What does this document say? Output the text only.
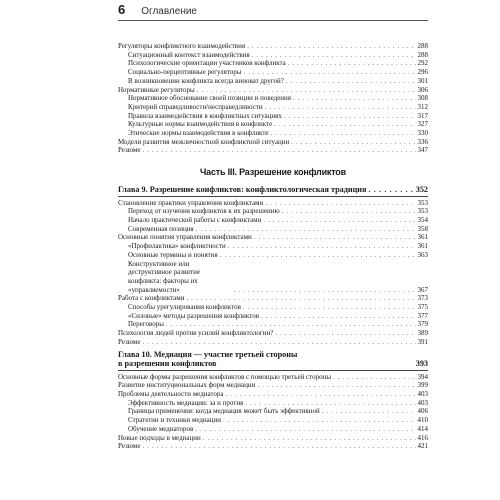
6 Оглавление
Регуляторы конфликтного взаимодействия . . .	288
Ситуационный контекст взаимодействия . . .	288
Психологические ориентации участников конфликта . . .	292
Социально-перцептивные регуляторы . . .	296
В возникновении конфликта всегда виноват другой? . . .	301
Нормативные регуляторы . . .	306
Нормативное обоснование своей позиции и поведения . . .	308
Критерий справедливости/несправедливости . . .	312
Правила взаимодействия в конфликтных ситуациях . . .	317
Культурные нормы взаимодействия в конфликте . . .	327
Этические нормы взаимодействия в конфликте . . .	330
Модели развития межличностной конфликтной ситуации . . .	336
Резюме . . .	347
Часть III. Разрешение конфликтов
Глава 9. Разрешение конфликтов: конфликтологическая традиция . . .	352
Становление практики управления конфликтами . . .	353
Переход от изучения конфликтов к их разрешению . . .	353
Начало практической работы с конфликтами . . .	354
Современная позиция . . .	358
Основные понятия управления конфликтами . . .	361
«Профилактика» конфликтности . . .	361
Основные термины и понятия . . .	363
Конструктивное или деструктивное развитие конфликта: факторы их «управляемости» . . .	367
Работа с конфликтами . . .	373
Способы урегулирования конфликтов . . .	375
«Силовые» методы разрешения конфликтов . . .	377
Переговоры . . .	379
Психология людей против усилий конфликтологии? . . .	389
Резюме . . .	391
Глава 10. Медиация — участие третьей стороны
в разрешении конфликтов	393
Основные формы разрешения конфликтов с помощью третьей стороны . . .	394
Развитие институциональных форм медиации . . .	399
Проблемы деятельности медиатора . . .	403
Эффективность медиации: за и против . . .	403
Границы применения: когда медиация может быть эффективной . . .	406
Стратегии и техники медиации . . .	410
Обучение медиаторов . . .	414
Новые подходы в медиации . . .	416
Резюме . . .	421
